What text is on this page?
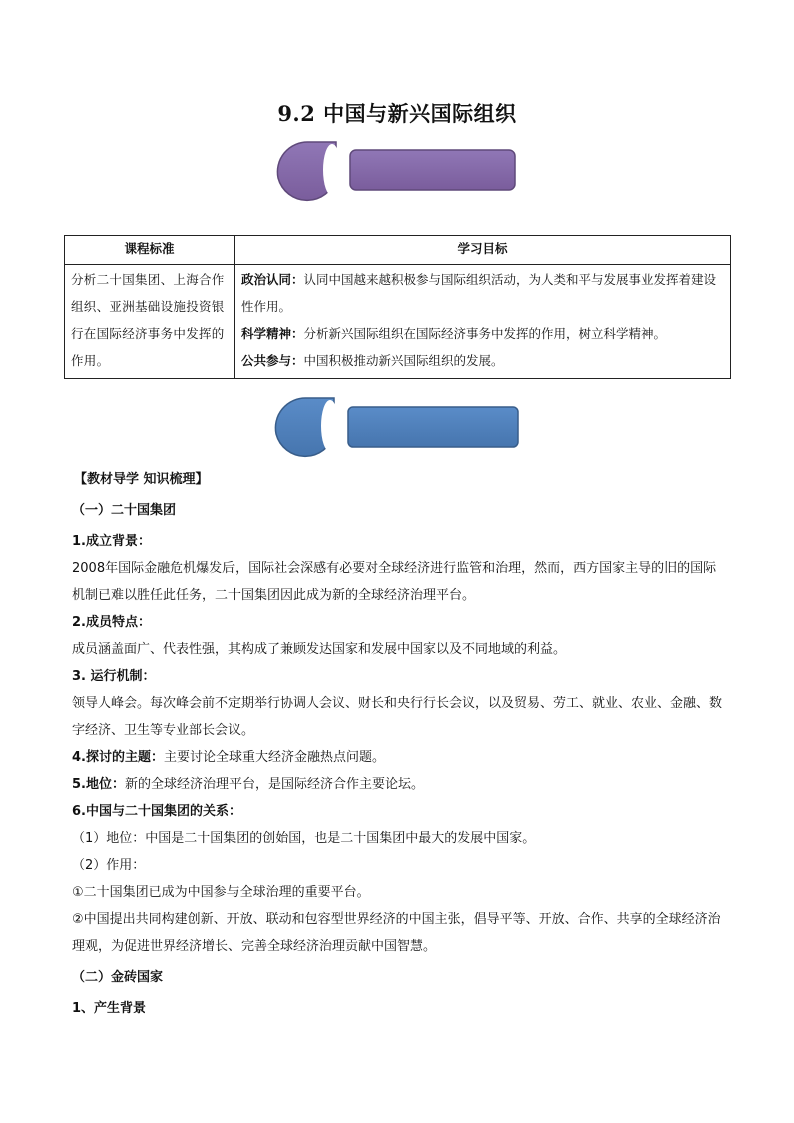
9.2 中国与新兴国际组织
课程标准	学习目标
分析二十国集团、上海合作组织、亚洲基础设施投资银行在国际经济事务中发挥的作用。	政治认同：认同中国越来越积极参与国际组织活动，为人类和平与发展事业发挥着建设性作用。
科学精神：分析新兴国际组织在国际经济事务中发挥的作用，树立科学精神。
公共参与：中国积极推动新兴国际组织的发展。

【教材导学 知识梳理】

（一）二十国集团

1.成立背景：

2008年国际金融危机爆发后，国际社会深感有必要对全球经济进行监管和治理，然而，西方国家主导的旧的国际机制已难以胜任此任务，二十国集团因此成为新的全球经济治理平台。

2.成员特点：

成员涵盖面广、代表性强，其构成了兼顾发达国家和发展中国家以及不同地域的利益。

3. 运行机制：

领导人峰会。每次峰会前不定期举行协调人会议、财长和央行行长会议，以及贸易、劳工、就业、农业、金融、数字经济、卫生等专业部长会议。

4.探讨的主题：主要讨论全球重大经济金融热点问题。

5.地位：新的全球经济治理平台，是国际经济合作主要论坛。

6.中国与二十国集团的关系：

（1）地位：中国是二十国集团的创始国，也是二十国集团中最大的发展中国家。

（2）作用：

①二十国集团已成为中国参与全球治理的重要平台。

②中国提出共同构建创新、开放、联动和包容型世界经济的中国主张，倡导平等、开放、合作、共享的全球经济治理观，为促进世界经济增长、完善全球经济治理贡献中国智慧。

（二）金砖国家

1、产生背景
